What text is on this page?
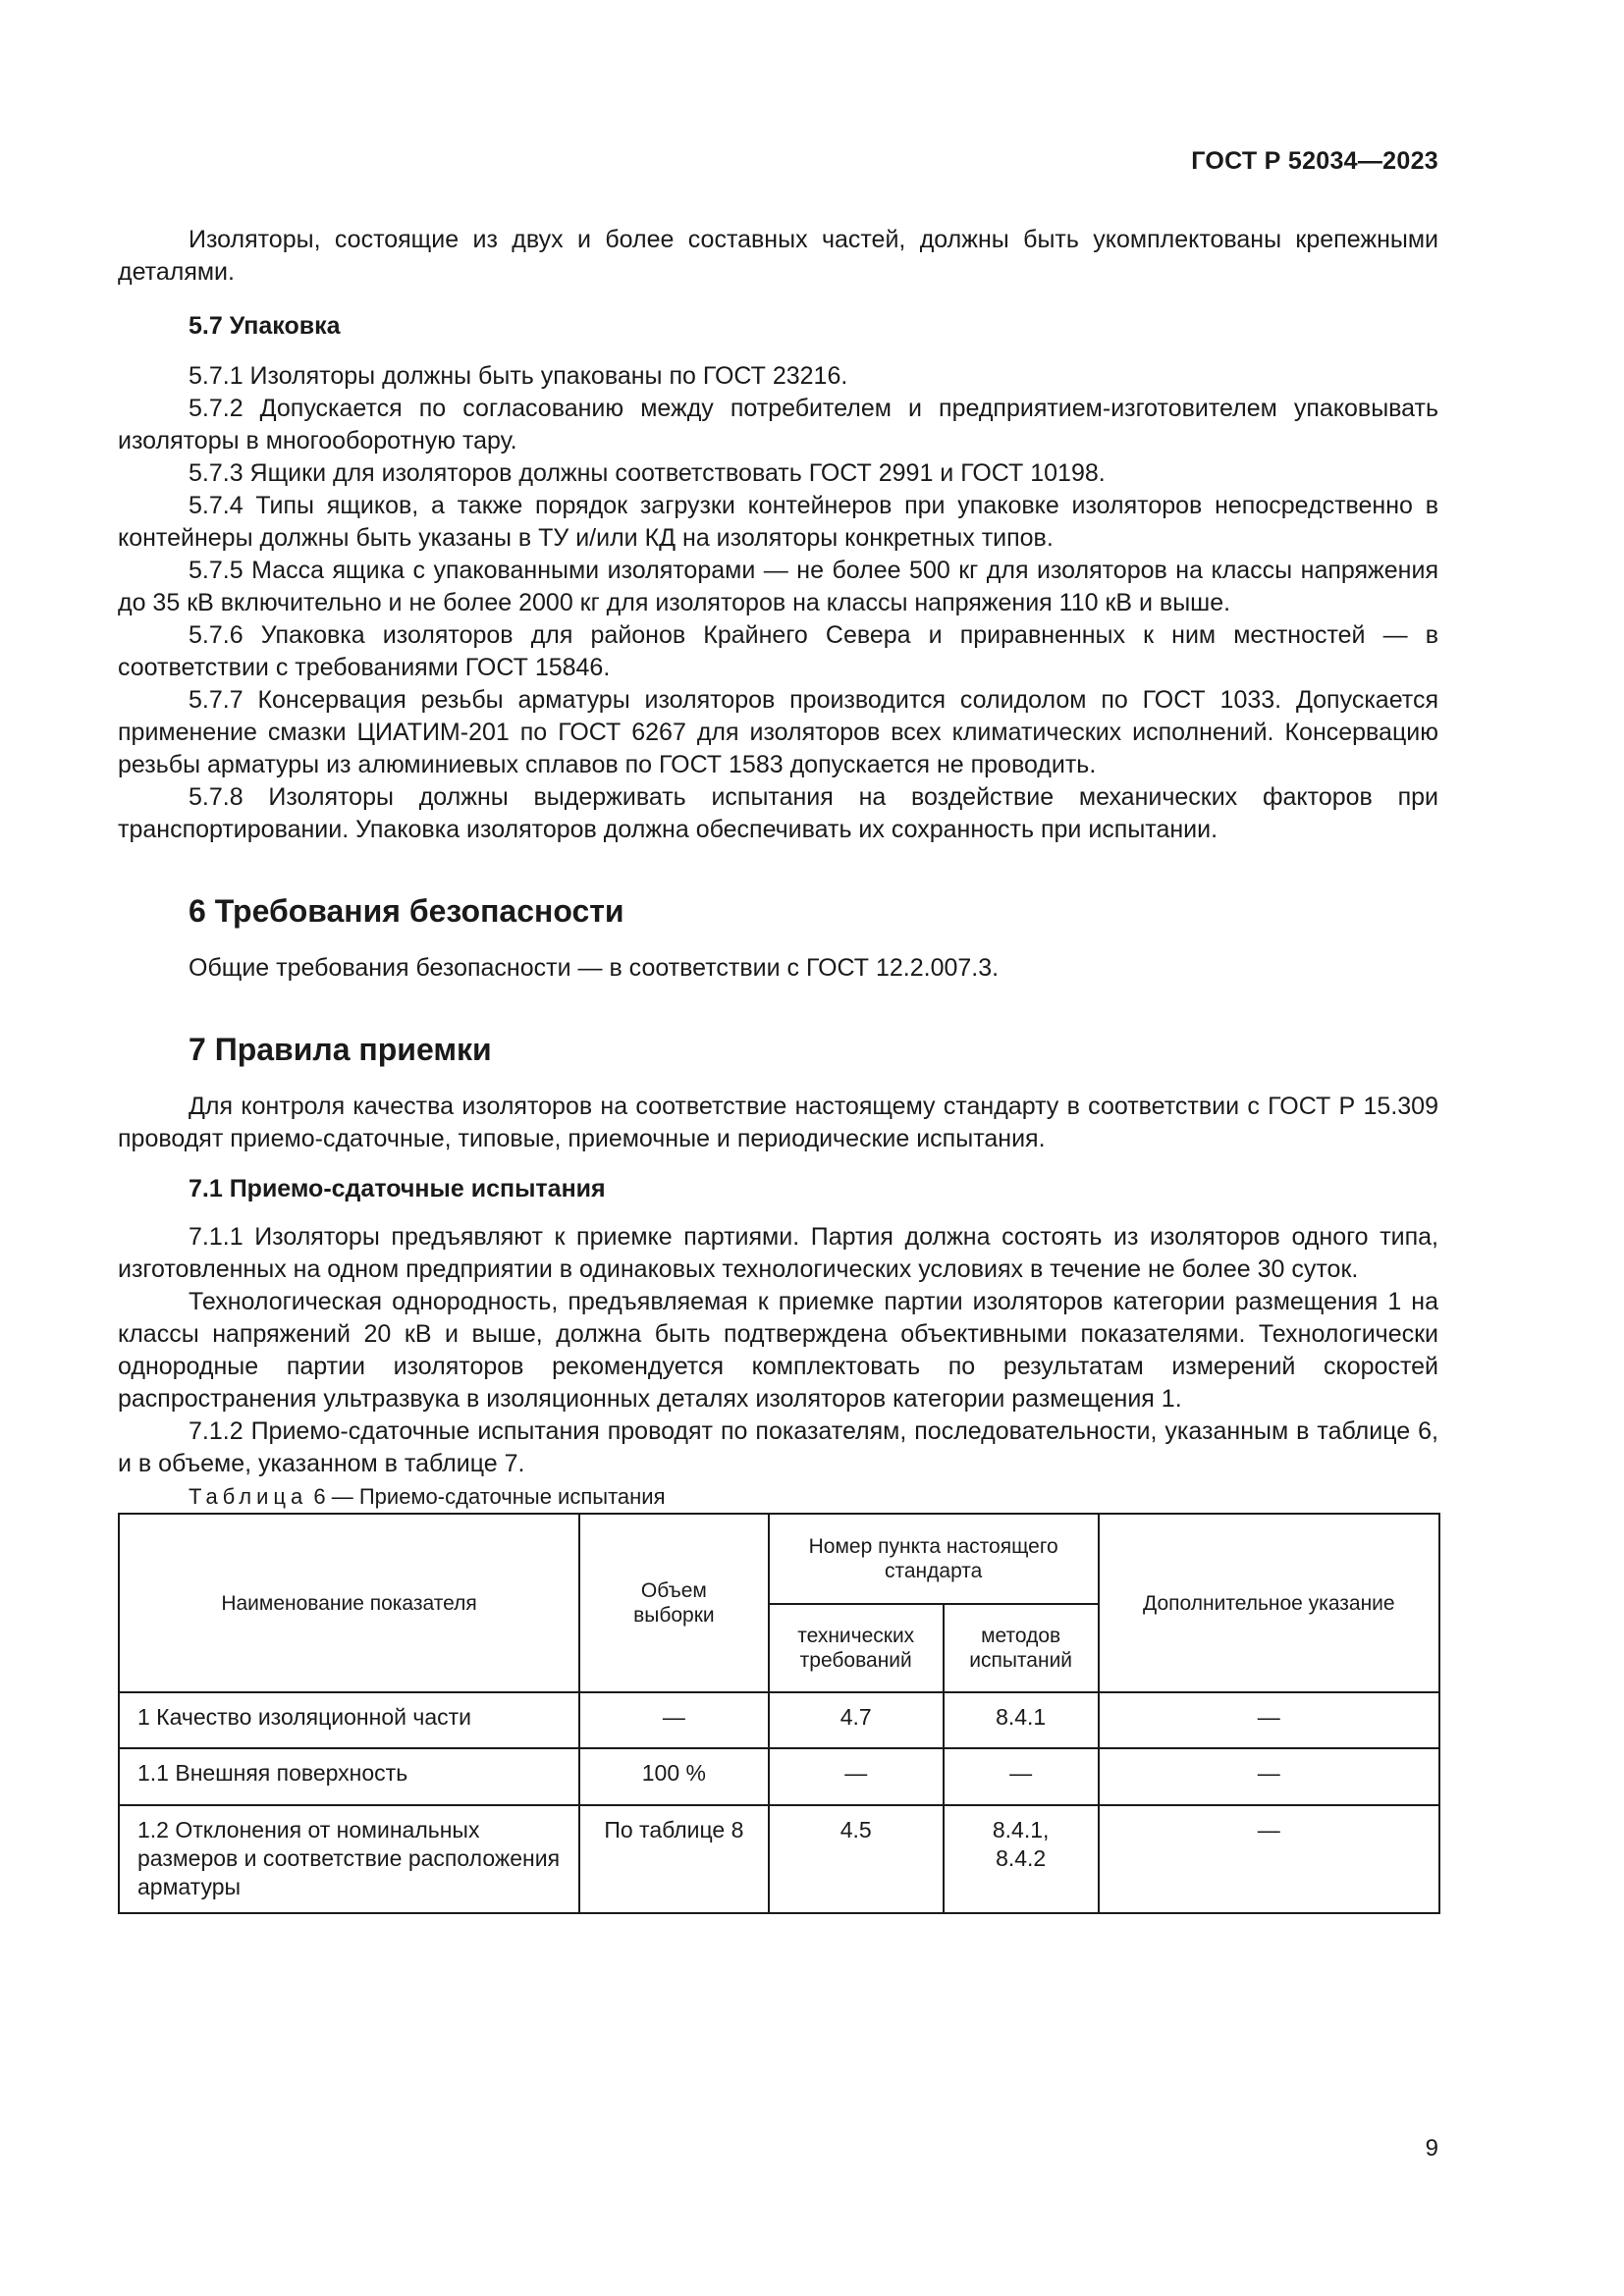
ГОСТ Р 52034—2023

Изоляторы, состоящие из двух и более составных частей, должны быть укомплектованы крепежными деталями.

5.7 Упаковка

5.7.1 Изоляторы должны быть упакованы по ГОСТ 23216.

5.7.2 Допускается по согласованию между потребителем и предприятием-изготовителем упаковывать изоляторы в многооборотную тару.

5.7.3 Ящики для изоляторов должны соответствовать ГОСТ 2991 и ГОСТ 10198.

5.7.4 Типы ящиков, а также порядок загрузки контейнеров при упаковке изоляторов непосредственно в контейнеры должны быть указаны в ТУ и/или КД на изоляторы конкретных типов.

5.7.5 Масса ящика с упакованными изоляторами — не более 500 кг для изоляторов на классы напряжения до 35 кВ включительно и не более 2000 кг для изоляторов на классы напряжения 110 кВ и выше.

5.7.6 Упаковка изоляторов для районов Крайнего Севера и приравненных к ним местностей — в соответствии с требованиями ГОСТ 15846.

5.7.7 Консервация резьбы арматуры изоляторов производится солидолом по ГОСТ 1033. Допускается применение смазки ЦИАТИМ-201 по ГОСТ 6267 для изоляторов всех климатических исполнений. Консервацию резьбы арматуры из алюминиевых сплавов по ГОСТ 1583 допускается не проводить.

5.7.8 Изоляторы должны выдерживать испытания на воздействие механических факторов при транспортировании. Упаковка изоляторов должна обеспечивать их сохранность при испытании.

6 Требования безопасности

Общие требования безопасности — в соответствии с ГОСТ 12.2.007.3.

7 Правила приемки

Для контроля качества изоляторов на соответствие настоящему стандарту в соответствии с ГОСТ Р 15.309 проводят приемо-сдаточные, типовые, приемочные и периодические испытания.

7.1 Приемо-сдаточные испытания

7.1.1 Изоляторы предъявляют к приемке партиями. Партия должна состоять из изоляторов одного типа, изготовленных на одном предприятии в одинаковых технологических условиях в течение не более 30 суток.

Технологическая однородность, предъявляемая к приемке партии изоляторов категории размещения 1 на классы напряжений 20 кВ и выше, должна быть подтверждена объективными показателями. Технологически однородные партии изоляторов рекомендуется комплектовать по результатам измерений скоростей распространения ультразвука в изоляционных деталях изоляторов категории размещения 1.

7.1.2 Приемо-сдаточные испытания проводят по показателям, последовательности, указанным в таблице 6, и в объеме, указанном в таблице 7.

Таблица 6 — Приемо-сдаточные испытания

Наименование показателя	Объем выборки	Номер пункта настоящего стандарта		Дополнительное указание

		технических требований	методов испытаний	

1 Качество изоляционной части	—	4.7	8.4.1	—
1.1 Внешняя поверхность	100 %	—	—	—
1.2 Отклонения от номинальных размеров и соответствие расположения арматуры	По таблице 8	4.5	8.4.1, 8.4.2	—
9
